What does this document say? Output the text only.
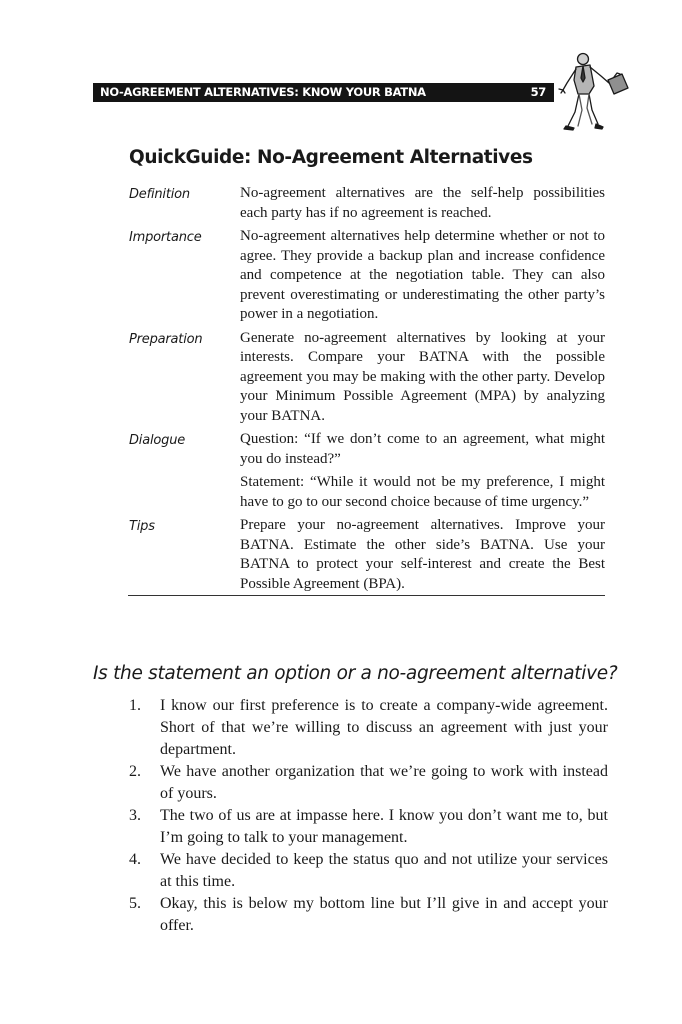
NO-AGREEMENT ALTERNATIVES: KNOW YOUR BATNA	57
QuickGuide: No-Agreement Alternatives
Definition	No-agreement alternatives are the self-help possibilities each party has if no agreement is reached.

Importance	No-agreement alternatives help determine whether or not to agree. They provide a backup plan and increase confidence and competence at the negotiation table. They can also prevent overestimating or underestimating the other party’s power in a negotiation.

Preparation	Generate no-agreement alternatives by looking at your interests. Compare your BATNA with the possible agreement you may be making with the other party. Develop your Minimum Possible Agreement (MPA) by analyzing your BATNA.

Dialogue	Question: “If we don’t come to an agreement, what might you do instead?”

Statement: “While it would not be my preference, I might have to go to our second choice because of time urgency.”

Tips	Prepare your no-agreement alternatives. Improve your BATNA. Estimate the other side’s BATNA. Use your BATNA to protect your self-interest and create the Best Possible Agreement (BPA).

Is the statement an option or a no-agreement alternative?
1.	I know our first preference is to create a company-wide agreement. Short of that we’re willing to discuss an agreement with just your department.
2.	We have another organization that we’re going to work with instead of yours.
3.	The two of us are at impasse here. I know you don’t want me to, but I’m going to talk to your management.
4.	We have decided to keep the status quo and not utilize your services at this time.
5.	Okay, this is below my bottom line but I’ll give in and accept your offer.
